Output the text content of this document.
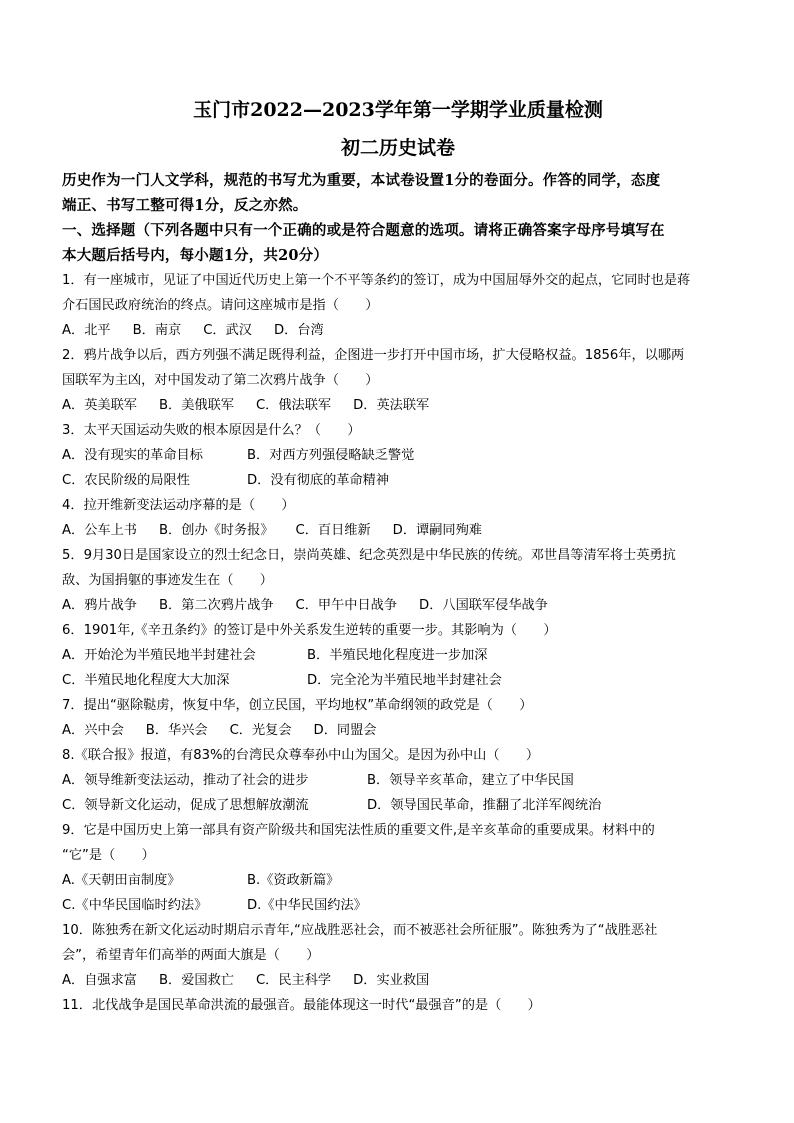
玉门市2022—2023学年第一学期学业质量检测

初二历史试卷

历史作为一门人文学科，规范的书写尤为重要，本试卷设置1分的卷面分。作答的同学，态度

端正、书写工整可得1分，反之亦然。

一、选择题（下列各题中只有一个正确的或是符合题意的选项。请将正确答案字母序号填写在

本大题后括号内，每小题1分，共20分）

1．有一座城市，见证了中国近代历史上第一个不平等条约的签订，成为中国屈辱外交的起点，它同时也是蒋

介石国民政府统治的终点。请问这座城市是指（　　）

A．北平 B．南京 C．武汉 D．台湾

2．鸦片战争以后，西方列强不满足既得利益，企图进一步打开中国市场，扩大侵略权益。1856年，以哪两

国联军为主凶，对中国发动了第二次鸦片战争（　　）

A．英美联军 B．美俄联军 C．俄法联军 D．英法联军

3．太平天国运动失败的根本原因是什么？（　　）

A．没有现实的革命目标	B．对西方列强侵略缺乏警觉
C．农民阶级的局限性	D．没有彻底的革命精神

4．拉开维新变法运动序幕的是（　　）

A．公车上书 B．创办《时务报》 C．百日维新 D．谭嗣同殉难

5．9月30日是国家设立的烈士纪念日，崇尚英雄、纪念英烈是中华民族的传统。邓世昌等清军将士英勇抗

敌、为国捐躯的事迹发生在（　　）

A．鸦片战争 B．第二次鸦片战争 C．甲午中日战争 D．八国联军侵华战争

6．1901年,《辛丑条约》的签订是中外关系发生逆转的重要一步。其影响为（　　）

A．开始沦为半殖民地半封建社会	B．半殖民地化程度进一步加深
C．半殖民地化程度大大加深	D．完全沦为半殖民地半封建社会

7．提出“驱除鞑虏，恢复中华，创立民国，平均地权”革命纲领的政党是（　　）

A．兴中会 B．华兴会 C．光复会 D．同盟会

8.《联合报》报道，有83%的台湾民众尊奉孙中山为国父。是因为孙中山（　　）

A．领导维新变法运动，推动了社会的进步	B．领导辛亥革命，建立了中华民国
C．领导新文化运动，促成了思想解放潮流	D．领导国民革命，推翻了北洋军阀统治

9．它是中国历史上第一部具有资产阶级共和国宪法性质的重要文件,是辛亥革命的重要成果。材料中的

“它”是（　　）

A.《天朝田亩制度》	B.《资政新篇》
C.《中华民国临时约法》	D.《中华民国约法》

10．陈独秀在新文化运动时期启示青年,“应战胜恶社会，而不被恶社会所征服”。陈独秀为了“战胜恶社

会”，希望青年们高举的两面大旗是（　　）

A．自强求富 B．爱国救亡 C．民主科学 D．实业救国

11．北伐战争是国民革命洪流的最强音。最能体现这一时代“最强音”的是（　　）
